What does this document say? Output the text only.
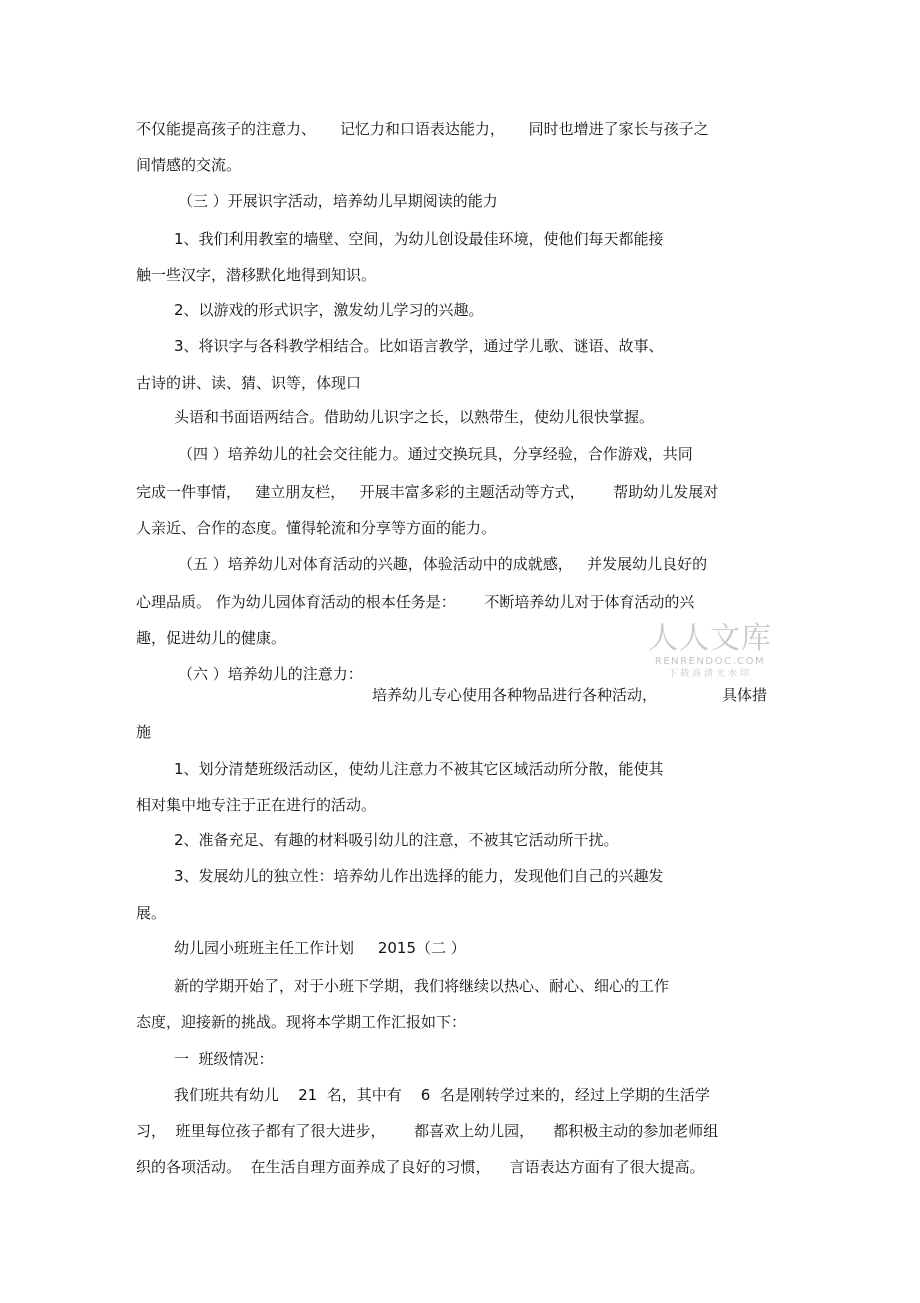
不仅能提高孩子的注意力、     记忆力和口语表达能力，     同时也增进了家长与孩子之

间情感的交流。

（三 ）开展识字活动，培养幼儿早期阅读的能力

1、我们利用教室的墙壁、空间，为幼儿创设最佳环境，使他们每天都能接

触一些汉字，潜移默化地得到知识。

2、以游戏的形式识字，激发幼儿学习的兴趣。

3、将识字与各科教学相结合。比如语言教学，通过学儿歌、谜语、故事、

古诗的讲、读、猜、识等，体现口

头语和书面语两结合。借助幼儿识字之长，以熟带生，使幼儿很快掌握。

（四 ）培养幼儿的社会交往能力。通过交换玩具，分享经验，合作游戏，共同

完成一件事情，   建立朋友栏，   开展丰富多彩的主题活动等方式，      帮助幼儿发展对

人亲近、合作的态度。懂得轮流和分享等方面的能力。

（五 ）培养幼儿对体育活动的兴趣，体验活动中的成就感，   并发展幼儿良好的

心理品质。 作为幼儿园体育活动的根本任务是：      不断培养幼儿对于体育活动的兴

趣，促进幼儿的健康。

（六 ）培养幼儿的注意力：

培养幼儿专心使用各种物品进行各种活动，	具体措

施

1、划分清楚班级活动区，使幼儿注意力不被其它区域活动所分散，能使其

相对集中地专注于正在进行的活动。

2、准备充足、有趣的材料吸引幼儿的注意，不被其它活动所干扰。

3、发展幼儿的独立性：培养幼儿作出选择的能力，发现他们自己的兴趣发

展。

幼儿园小班班主任工作计划     2015（二 ）

新的学期开始了，对于小班下学期，我们将继续以热心、耐心、细心的工作

态度，迎接新的挑战。现将本学期工作汇报如下：

一  班级情况：

我们班共有幼儿    21  名，其中有    6  名是刚转学过来的，经过上学期的生活学

习，  班里每位孩子都有了很大进步，      都喜欢上幼儿园，    都积极主动的参加老师组

织的各项活动。  在生活自理方面养成了良好的习惯，    言语表达方面有了很大提高。

人人文库
RENRENDOC.COM
下载高清无水印
